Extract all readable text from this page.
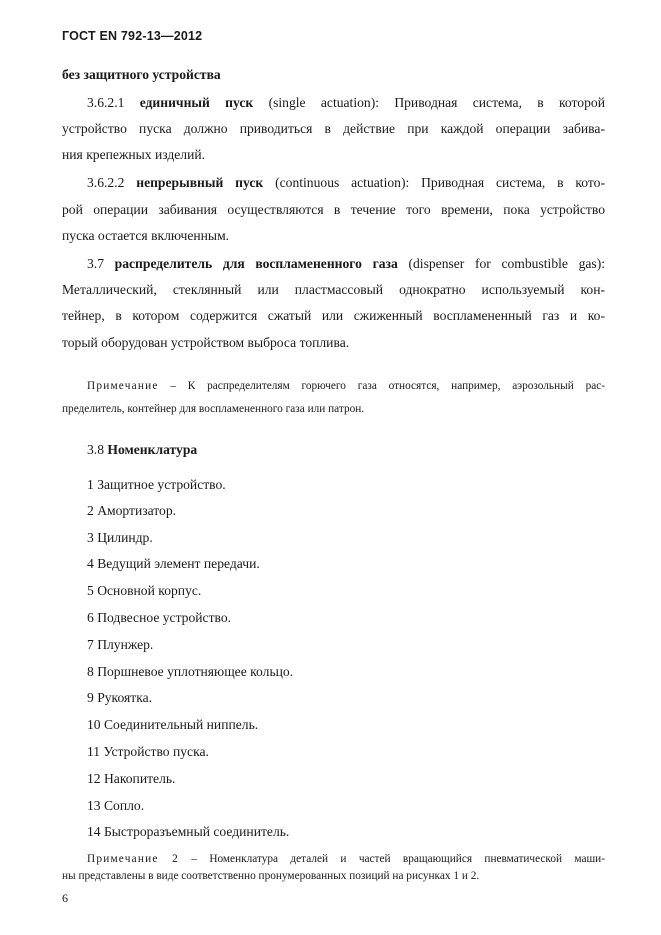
ГОСТ EN 792-13—2012
без защитного устройства
3.6.2.1 единичный пуск (single actuation): Приводная система, в которой
устройство пуска должно приводиться в действие при каждой операции забива-
ния крепежных изделий.
3.6.2.2 непрерывный пуск (continuous actuation): Приводная система, в кото-
рой операции забивания осуществляются в течение того времени, пока устройство
пуска остается включенным.
3.7 распределитель для воспламененного газа (dispenser for combustible gas):
Металлический, стеклянный или пластмассовый однократно используемый кон-
тейнер, в котором содержится сжатый или сжиженный воспламененный газ и ко-
торый оборудован устройством выброса топлива.
Примечание – К распределителям горючего газа относятся, например, аэрозольный рас-
пределитель, контейнер для воспламененного газа или патрон.
3.8 Номенклатура
1 Защитное устройство.
2 Амортизатор.
3 Цилиндр.
4 Ведущий элемент передачи.
5 Основной корпус.
6 Подвесное устройство.
7 Плунжер.
8 Поршневое уплотняющее кольцо.
9 Рукоятка.
10 Соединительный ниппель.
11 Устройство пуска.
12 Накопитель.
13 Сопло.
14 Быстроразъемный соединитель.
Примечание 2 – Номенклатура деталей и частей вращающийся пневматической маши-
ны представлены в виде соответственно пронумерованных позиций на рисунках 1 и 2.
6
